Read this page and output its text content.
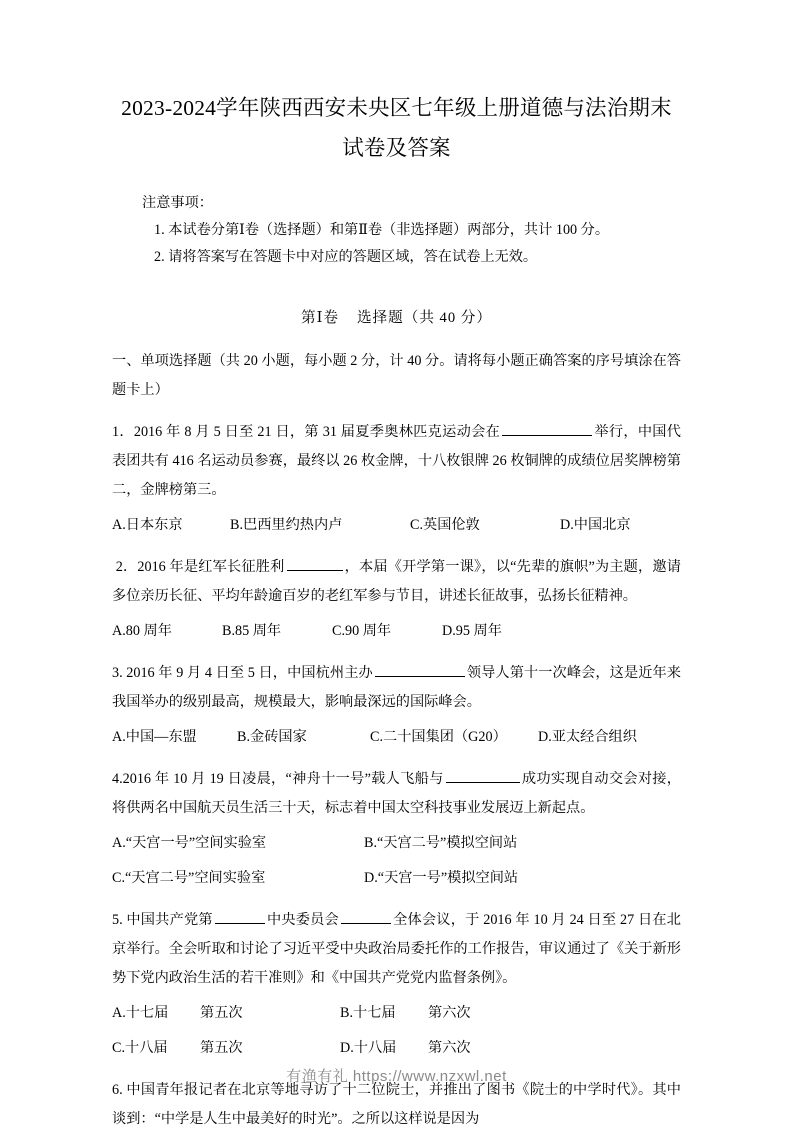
2023-2024学年陕西西安未央区七年级上册道德与法治期末试卷及答案
注意事项：
1. 本试卷分第Ⅰ卷（选择题）和第Ⅱ卷（非选择题）两部分，共计 100 分。
2. 请将答案写在答题卡中对应的答题区域，答在试卷上无效。
第Ⅰ卷 选择题（共 40 分）
一、单项选择题（共 20 小题，每小题 2 分，计 40 分。请将每小题正确答案的序号填涂在答题卡上）
1．2016 年 8 月 5 日至 21 日，第 31 届夏季奥林匹克运动会在	举行，中国代表团共有 416 名运动员参赛，最终以 26 枚金牌，十八枚银牌 26 枚铜牌的成绩位居奖牌榜第二，金牌榜第三。
A.日本东京	B.巴西里约热内卢	C.英国伦敦	D.中国北京
2．2016 年是红军长征胜利	，本届《开学第一课》，以“先辈的旗帜”为主题，邀请多位亲历长征、平均年龄逾百岁的老红军参与节目，讲述长征故事，弘扬长征精神。
A.80 周年	B.85 周年	C.90 周年	D.95 周年
3. 2016 年 9 月 4 日至 5 日，中国杭州主办	领导人第十一次峰会，这是近年来我国举办的级别最高，规模最大，影响最深远的国际峰会。
A.中国—东盟	B.金砖国家	C.二十国集团（G20）	D.亚太经合组织
4.2016 年 10 月 19 日凌晨，“神舟十一号”载人飞船与	成功实现自动交会对接，将供两名中国航天员生活三十天，标志着中国太空科技事业发展迈上新起点。
A.“天宫一号”空间实验室	B.“天宫二号”模拟空间站
C.“天宫二号”空间实验室	D.“天宫一号”模拟空间站
5. 中国共产党第	中央委员会	全体会议，于 2016 年 10 月 24 日至 27 日在北京举行。全会听取和讨论了习近平受中央政治局委托作的工作报告，审议通过了《关于新形势下党内政治生活的若干准则》和《中国共产党党内监督条例》。
A.十七届	第五次	B.十七届	第六次
C.十八届	第五次	D.十八届	第六次
6. 中国青年报记者在北京等地寻访了十二位院士，并推出了图书《院士的中学时代》。其中谈到：“中学是人生中最美好的时光”。之所以这样说是因为
有渔有礼 https://www.nzxwl.net
